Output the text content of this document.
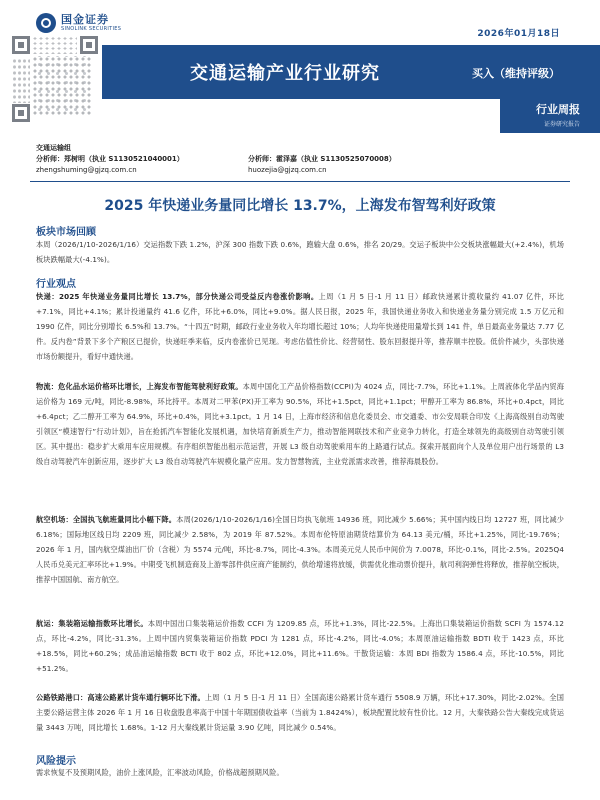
国金证券
SINOLINK SECURITIES
2026年01月18日
交通运输产业行业研究	买入（维持评级）
行业周报
证券研究报告
交通运输组
分析师：郑树明（执业 S1130521040001）
zhengshuming@gjzq.com.cn
分析师：霍泽嘉（执业 S1130525070008）
huozejia@gjzq.com.cn
2025 年快递业务量同比增长 13.7%，上海发布智驾利好政策
板块市场回顾
本周（2026/1/10-2026/1/16）交运指数下跌 1.2%，沪深 300 指数下跌 0.6%，跑输大盘 0.6%，排名 20/29。交运子板块中公交板块涨幅最大(+2.4%)，机场板块跌幅最大(-4.1%)。
行业观点
快递：2025 年快递业务量同比增长 13.7%，部分快递公司受益反内卷涨价影响。上周（1 月 5 日-1 月 11 日）邮政快递累计揽收量约 41.07 亿件，环比+7.1%，同比+4.1%；累计投递量约 41.6 亿件，环比+6.0%，同比+9.0%。据人民日报，2025 年，我国快递业务收入和快递业务量分别完成 1.5 万亿元和 1990 亿件，同比分别增长 6.5%和 13.7%。“十四五”时期，邮政行业业务收入年均增长超过 10%；人均年快递使用量增长到 141 件，单日最高业务量达 7.77 亿件。反内卷”背景下多个产粮区已提价，快递旺季来临，反内卷涨价已见现。考虑估值性价比、经营韧性、股东回报提升等，推荐顺丰控股。低价件减少，头部快递市场份额提升，看好中通快递。
物流：危化品水运价格环比增长，上海发布智能驾驶利好政策。本周中国化工产品价格指数(CCPI)为 4024 点，同比-7.7%，环比+1.1%。上周液体化学品内贸海运价格为 169 元/吨，同比-8.98%，环比持平。本周对二甲苯(PX)开工率为 90.5%，环比+1.5pct，同比+1.1pct；甲醇开工率为 86.8%，环比+0.4pct，同比+6.4pct；乙二醇开工率为 64.9%，环比+0.4%，同比+3.1pct。1 月 14 日，上海市经济和信息化委员会、市交通委、市公安局联合印发《上海高级别自动驾驶引领区“模速智行”行动计划》，旨在抢抓汽车智能化发展机遇，加快培育新质生产力，推动智能网联技术和产业竞争力转化，打造全球领先的高级别自动驾驶引领区。其中提出：稳步扩大乘用车应用规模。有序组织智能出租示范运营，开展 L3 级自动驾驶乘用车的上路通行试点。探索开展面向个人及单位用户出行场景的 L3 级自动驾驶汽车创新应用，逐步扩大 L3 级自动驾驶汽车规模化量产应用。发力智慧物流，主业党派需求改善，推荐海晨股份。
航空机场：全国执飞航班量同比小幅下降。本周(2026/1/10-2026/1/16)全国日均执飞航班 14936 班，同比减少 5.66%；其中国内线日均 12727 班，同比减少 6.18%；国际地区线日均 2209 班，同比减少 2.58%，为 2019 年 87.52%。本周布伦特原油期货结算价为 64.13 美元/桶，环比+1.25%，同比-19.76%；2026 年 1 月，国内航空煤油出厂价（含税）为 5574 元/吨，环比-8.7%，同比-4.3%。本周美元兑人民币中间价为 7.0078，环比-0.1%，同比-2.5%。2025Q4 人民币兑美元汇率环比+1.9%。中期受飞机制造商及上游零部件供应商产能制约，供给增速将放缓，供需优化推动票价提升，航司利润弹性将释放，推荐航空板块，推荐中国国航、南方航空。
航运：集装箱运输指数环比增长。本周中国出口集装箱运价指数 CCFI 为 1209.85 点，环比+1.3%，同比-22.5%。上海出口集装箱运价指数 SCFI 为 1574.12 点，环比-4.2%，同比-31.3%。上周中国内贸集装箱运价指数 PDCI 为 1281 点，环比-4.2%，同比-4.0%；本周原油运输指数 BDTI 收于 1423 点，环比+18.5%，同比+60.2%；成品油运输指数 BCTI 收于 802 点，环比+12.0%，同比+11.6%。干散货运输：本周 BDI 指数为 1586.4 点，环比-10.5%，同比+51.2%。
公路铁路港口：高速公路累计货车通行辆环比下滑。上周（1 月 5 日-1 月 11 日）全国高速公路累计货车通行 5508.9 万辆，环比+17.30%，同比-2.02%。全国主要公路运营主体 2026 年 1 月 16 日收盘股息率高于中国十年期国债收益率（当前为 1.8424%），板块配置比较有性价比。12 月，大秦铁路公告大秦线完成货运量 3443 万吨，同比增长 1.68%。1-12 月大秦线累计货运量 3.90 亿吨，同比减少 0.54%。
风险提示
需求恢复不及预期风险，油价上涨风险，汇率波动风险，价格战超预期风险。
